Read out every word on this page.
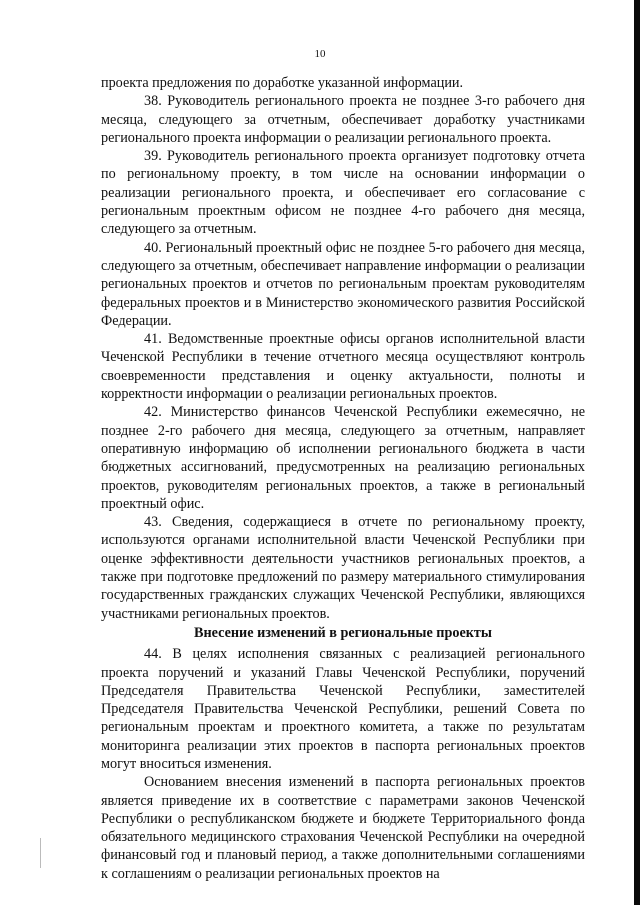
10

проекта предложения по доработке указанной информации.

38. Руководитель регионального проекта не позднее 3-го рабочего дня месяца, следующего за отчетным, обеспечивает доработку участниками регионального проекта информации о реализации регионального проекта.

39. Руководитель регионального проекта организует подготовку отчета по региональному проекту, в том числе на основании информации о реализации регионального проекта, и обеспечивает его согласование с региональным проектным офисом не позднее 4-го рабочего дня месяца, следующего за отчетным.

40. Региональный проектный офис не позднее 5-го рабочего дня месяца, следующего за отчетным, обеспечивает направление информации о реализации региональных проектов и отчетов по региональным проектам руководителям федеральных проектов и в Министерство экономического развития Российской Федерации.

41. Ведомственные проектные офисы органов исполнительной власти Чеченской Республики в течение отчетного месяца осуществляют контроль своевременности представления и оценку актуальности, полноты и корректности информации о реализации региональных проектов.

42. Министерство финансов Чеченской Республики ежемесячно, не позднее 2-го рабочего дня месяца, следующего за отчетным, направляет оперативную информацию об исполнении регионального бюджета в части бюджетных ассигнований, предусмотренных на реализацию региональных проектов, руководителям региональных проектов, а также в региональный проектный офис.

43. Сведения, содержащиеся в отчете по региональному проекту, используются органами исполнительной власти Чеченской Республики при оценке эффективности деятельности участников региональных проектов, а также при подготовке предложений по размеру материального стимулирования государственных гражданских служащих Чеченской Республики, являющихся участниками региональных проектов.

Внесение изменений в региональные проекты

44. В целях исполнения связанных с реализацией регионального проекта поручений и указаний Главы Чеченской Республики, поручений Председателя Правительства Чеченской Республики, заместителей Председателя Правительства Чеченской Республики, решений Совета по региональным проектам и проектного комитета, а также по результатам мониторинга реализации этих проектов в паспорта региональных проектов могут вноситься изменения.

Основанием внесения изменений в паспорта региональных проектов является приведение их в соответствие с параметрами законов Чеченской Республики о республиканском бюджете и бюджете Территориального фонда обязательного медицинского страхования Чеченской Республики на очередной финансовый год и плановый период, а также дополнительными соглашениями к соглашениям о реализации региональных проектов на
